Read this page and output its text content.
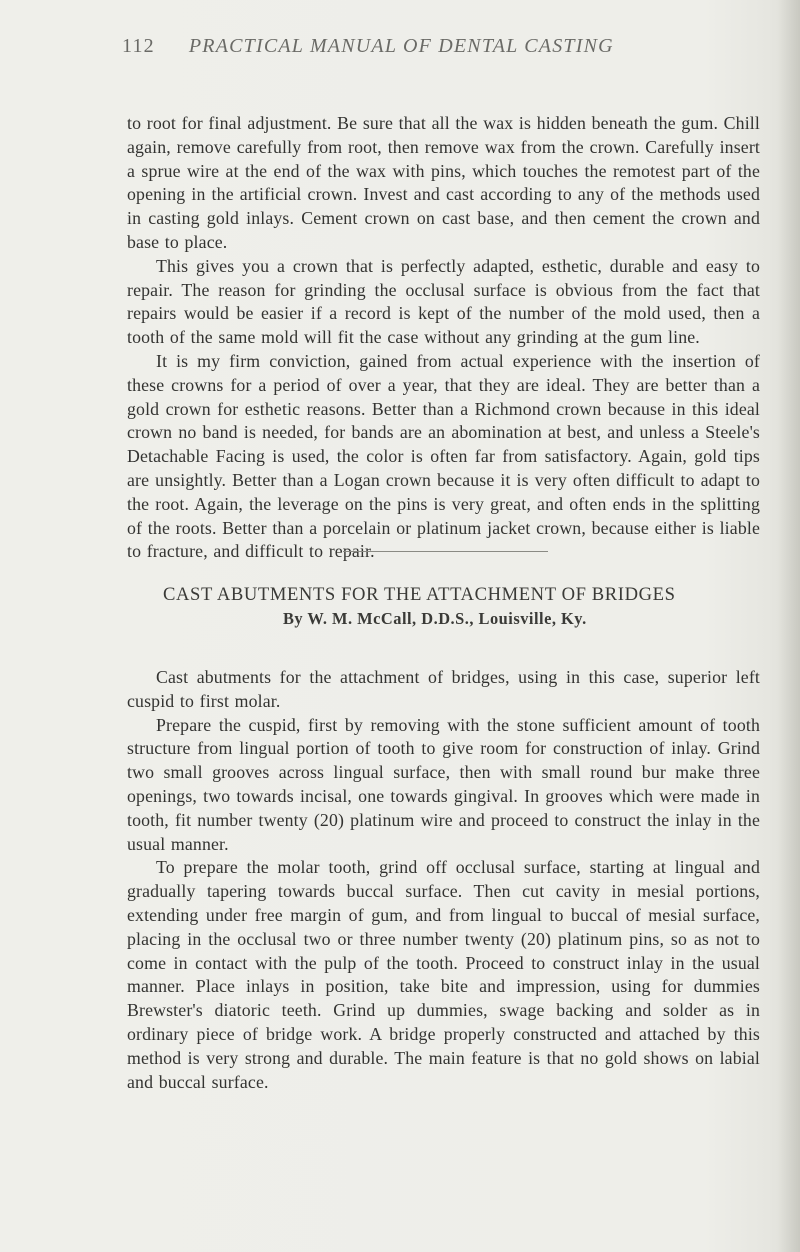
112 PRACTICAL MANUAL OF DENTAL CASTING

to root for final adjustment. Be sure that all the wax is hidden beneath the gum. Chill again, remove carefully from root, then remove wax from the crown. Carefully insert a sprue wire at the end of the wax with pins, which touches the remotest part of the opening in the artificial crown. Invest and cast according to any of the methods used in casting gold inlays. Cement crown on cast base, and then cement the crown and base to place.

This gives you a crown that is perfectly adapted, esthetic, durable and easy to repair. The reason for grinding the occlusal surface is obvious from the fact that repairs would be easier if a record is kept of the number of the mold used, then a tooth of the same mold will fit the case without any grinding at the gum line.

It is my firm conviction, gained from actual experience with the insertion of these crowns for a period of over a year, that they are ideal. They are better than a gold crown for esthetic reasons. Better than a Richmond crown because in this ideal crown no band is needed, for bands are an abomination at best, and unless a Steele's Detachable Facing is used, the color is often far from satisfactory. Again, gold tips are unsightly. Better than a Logan crown because it is very often difficult to adapt to the root. Again, the leverage on the pins is very great, and often ends in the splitting of the roots. Better than a porcelain or platinum jacket crown, because either is liable to fracture, and difficult to repair.

CAST ABUTMENTS FOR THE ATTACHMENT OF BRIDGES
By W. M. McCall, D.D.S., Louisville, Ky.

Cast abutments for the attachment of bridges, using in this case, superior left cuspid to first molar.

Prepare the cuspid, first by removing with the stone sufficient amount of tooth structure from lingual portion of tooth to give room for construction of inlay. Grind two small grooves across lingual surface, then with small round bur make three openings, two towards incisal, one towards gingival. In grooves which were made in tooth, fit number twenty (20) platinum wire and proceed to construct the inlay in the usual manner.

To prepare the molar tooth, grind off occlusal surface, starting at lingual and gradually tapering towards buccal surface. Then cut cavity in mesial portions, extending under free margin of gum, and from lingual to buccal of mesial surface, placing in the occlusal two or three number twenty (20) platinum pins, so as not to come in contact with the pulp of the tooth. Proceed to construct inlay in the usual manner. Place inlays in position, take bite and impression, using for dummies Brewster's diatoric teeth. Grind up dummies, swage backing and solder as in ordinary piece of bridge work. A bridge properly constructed and attached by this method is very strong and durable. The main feature is that no gold shows on labial and buccal surface.
